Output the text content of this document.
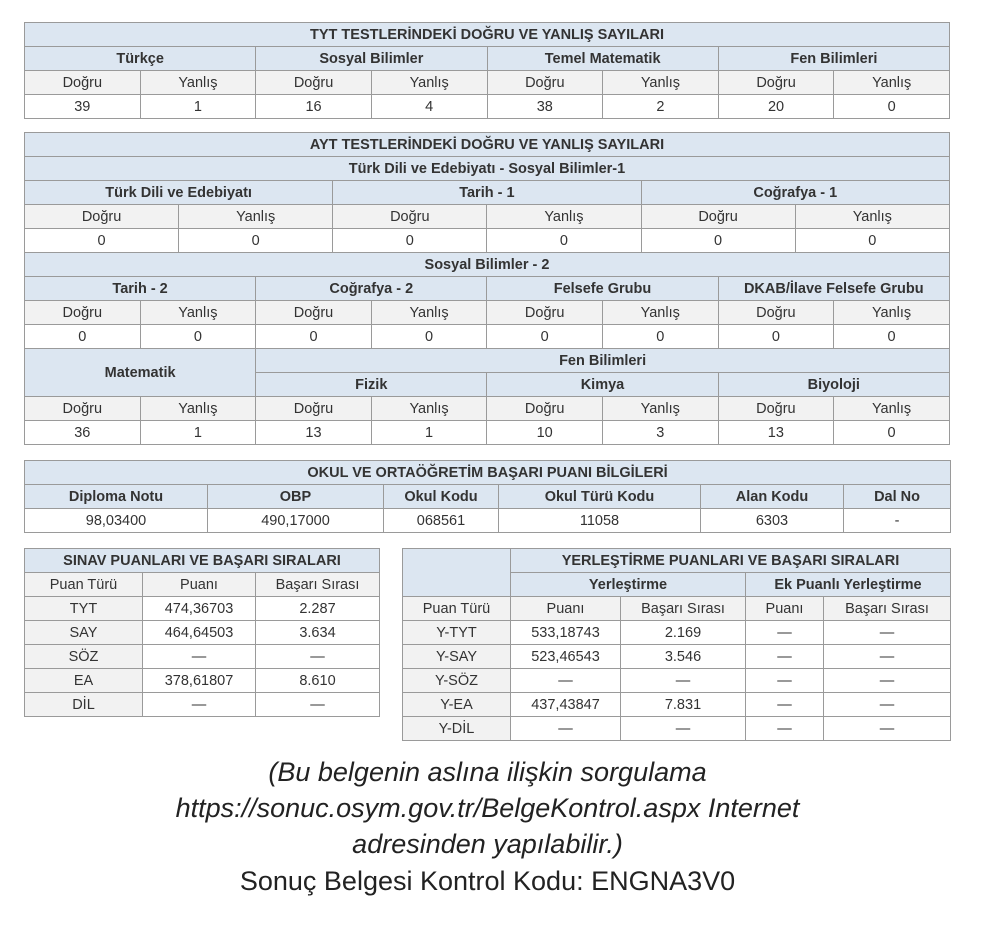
TYT TESTLERİNDEKİ DOĞRU VE YANLIŞ SAYILARI							
Türkçe		Sosyal Bilimler		Temel Matematik		Fen Bilimleri	
Doğru	Yanlış	Doğru	Yanlış	Doğru	Yanlış	Doğru	Yanlış
39	1	16	4	38	2	20	0
AYT TESTLERİNDEKİ DOĞRU VE YANLIŞ SAYILARI											
Türk Dili ve Edebiyatı - Sosyal Bilimler-1											
Türk Dili ve Edebiyatı				Tarih - 1				Coğrafya - 1			
Doğru		Yanlış		Doğru		Yanlış		Doğru		Yanlış	
0		0		0		0		0		0	
Sosyal Bilimler - 2											
Tarih - 2			Coğrafya - 2			Felsefe Grubu			DKAB/İlave Felsefe Grubu		
Doğru	Yanlış		Doğru		Yanlış	Doğru	Yanlış		Doğru		Yanlış
0	0		0		0	0	0		0		0
Matematik			Fen Bilimleri								
			Fizik			Kimya			Biyoloji		
Doğru	Yanlış		Doğru		Yanlış	Doğru	Yanlış		Doğru		Yanlış
36	1		13		1	10	3		13		0
OKUL VE ORTAÖĞRETİM BAŞARI PUANI BİLGİLERİ					
Diploma Notu	OBP	Okul Kodu	Okul Türü Kodu	Alan Kodu	Dal No
98,03400	490,17000	068561	11058	6303	-
SINAV PUANLARI VE BAŞARI SIRALARI		

Puan Türü	Puanı	Başarı Sırası
TYT	474,36703	2.287
SAY	464,64503	3.634
SÖZ	—	—
EA	378,61807	8.610
DİL	—	—
	YERLEŞTİRME PUANLARI VE BAŞARI SIRALARI			
	Yerleştirme		Ek Puanlı Yerleştirme	
Puan Türü	Puanı	Başarı Sırası	Puanı	Başarı Sırası
Y-TYT	533,18743	2.169	—	—
Y-SAY	523,46543	3.546	—	—
Y-SÖZ	—	—	—	—
Y-EA	437,43847	7.831	—	—
Y-DİL	—	—	—	—
(Bu belgenin aslına ilişkin sorgulama
https://sonuc.osym.gov.tr/BelgeKontrol.aspx Internet
adresinden yapılabilir.)
Sonuç Belgesi Kontrol Kodu: ENGNA3V0
